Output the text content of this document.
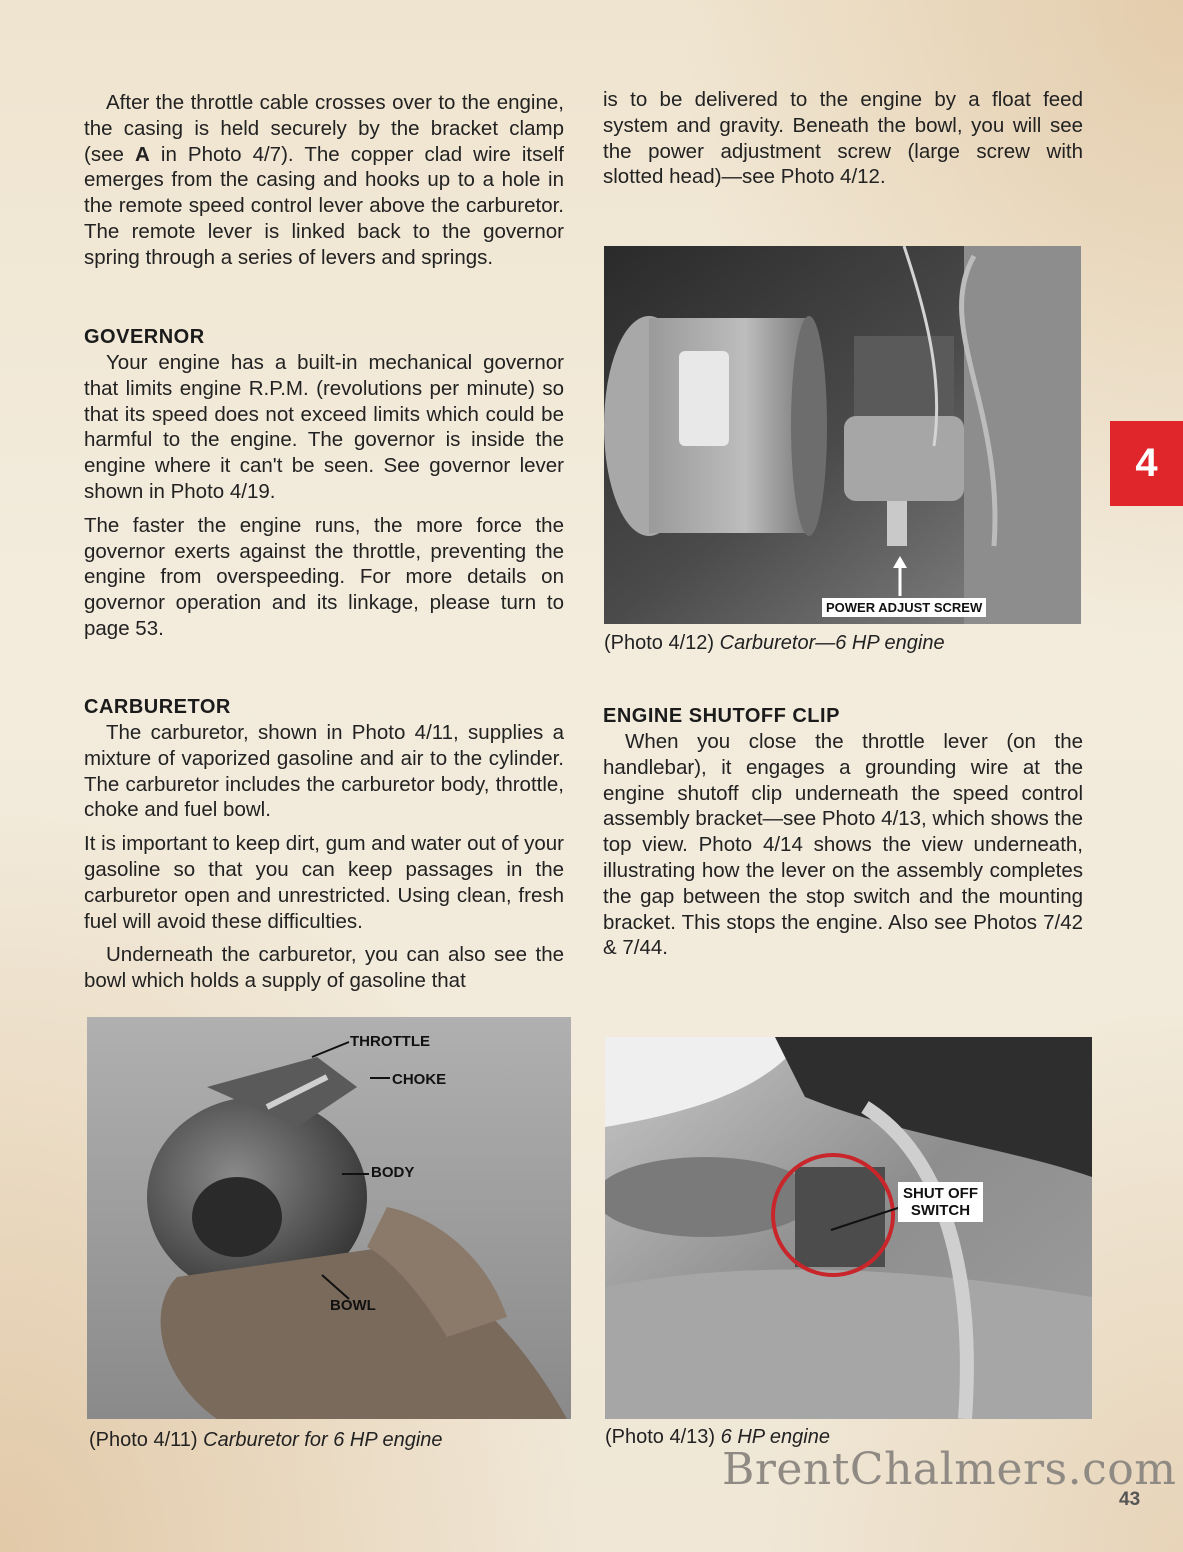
After the throttle cable crosses over to the engine, the casing is held securely by the bracket clamp (see A in Photo 4/7). The copper clad wire itself emerges from the casing and hooks up to a hole in the remote speed control lever above the carburetor. The remote lever is linked back to the governor spring through a series of levers and springs.

GOVERNOR

Your engine has a built-in mechanical governor that limits engine R.P.M. (revolutions per minute) so that its speed does not exceed limits which could be harmful to the engine. The governor is inside the engine where it can't be seen. See governor lever shown in Photo 4/19.

The faster the engine runs, the more force the governor exerts against the throttle, preventing the engine from overspeeding. For more details on governor operation and its linkage, please turn to page 53.

CARBURETOR

The carburetor, shown in Photo 4/11, supplies a mixture of vaporized gasoline and air to the cylinder. The carburetor includes the carburetor body, throttle, choke and fuel bowl.

It is important to keep dirt, gum and water out of your gasoline so that you can keep passages in the carburetor open and unrestricted. Using clean, fresh fuel will avoid these difficulties.

Underneath the carburetor, you can also see the bowl which holds a supply of gasoline that

is to be delivered to the engine by a float feed system and gravity. Beneath the bowl, you will see the power adjustment screw (large screw with slotted head)—see Photo 4/12.

ENGINE SHUTOFF CLIP

When you close the throttle lever (on the handlebar), it engages a grounding wire at the engine shutoff clip underneath the speed control assembly bracket—see Photo 4/13, which shows the top view. Photo 4/14 shows the view underneath, illustrating how the lever on the assembly completes the gap between the stop switch and the mounting bracket. This stops the engine. Also see Photos 7/42 & 7/44.

POWER ADJUST SCREW
(Photo 4/12) Carburetor—6 HP engine
THROTTLE
CHOKE
BODY
BOWL
(Photo 4/11) Carburetor for 6 HP engine
SHUT OFF
SWITCH
(Photo 4/13) 6 HP engine
4
BrentChalmers.com
43
